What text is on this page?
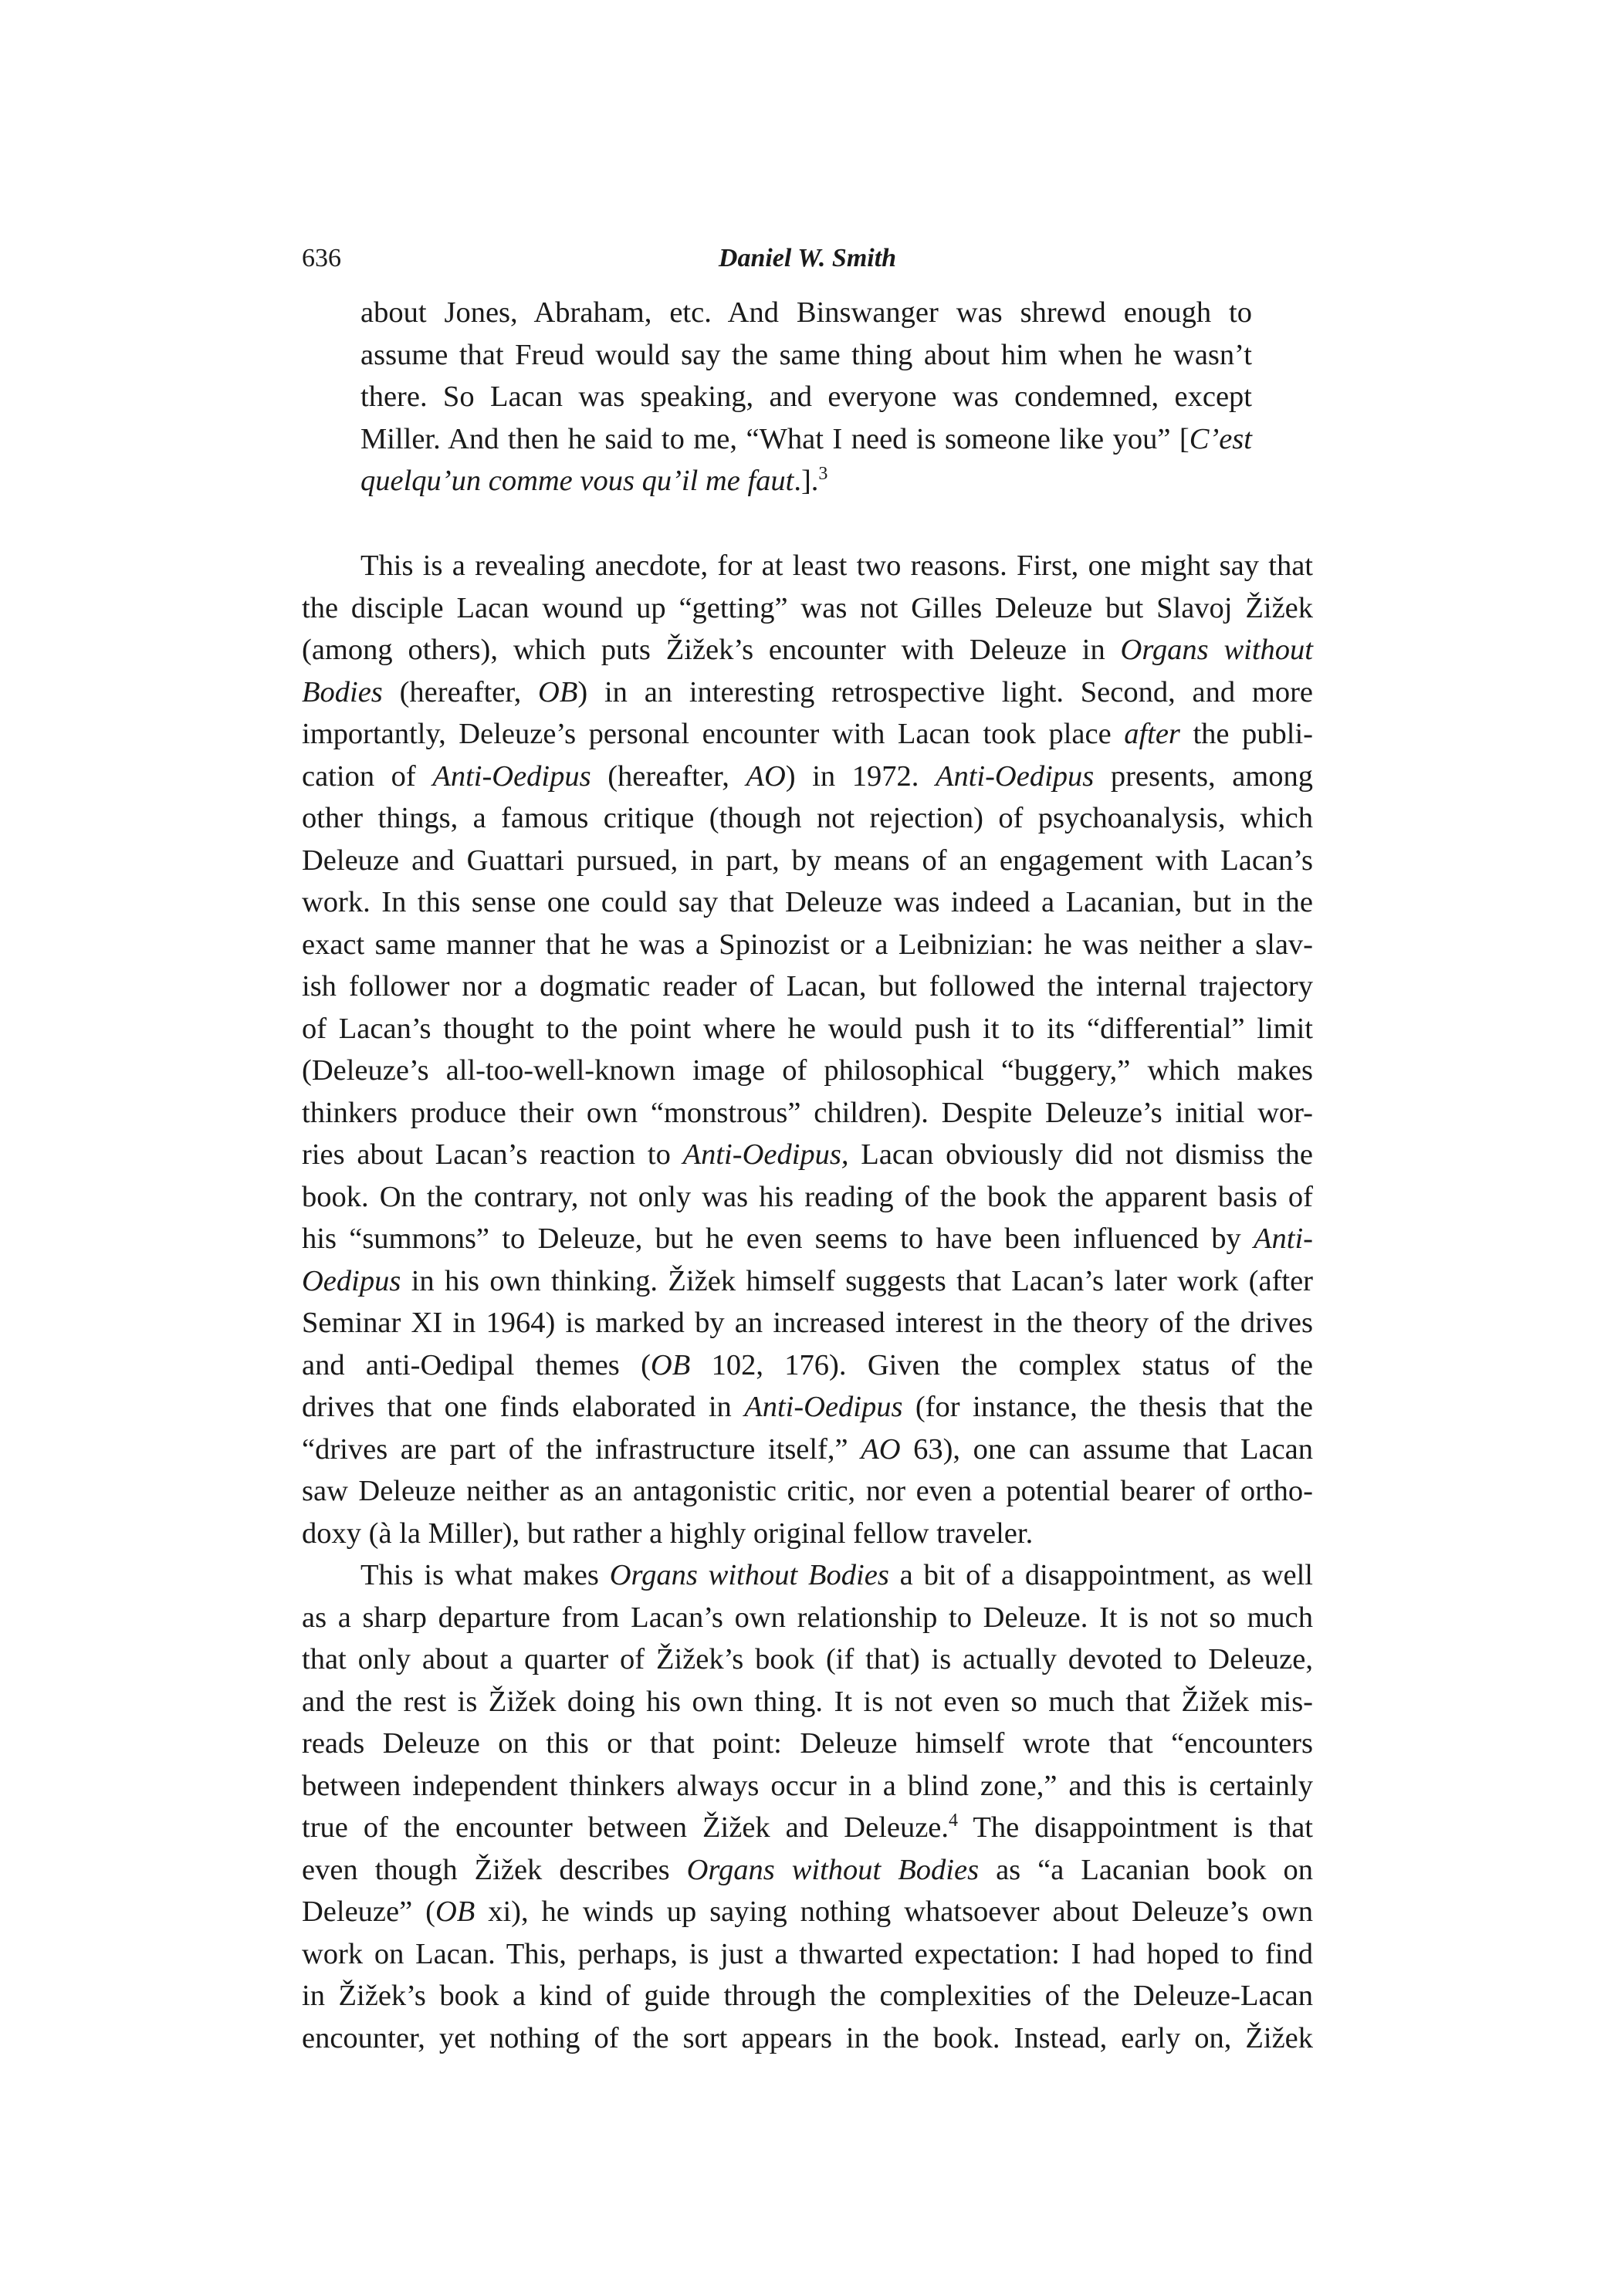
636	Daniel W. Smith
about Jones, Abraham, etc. And Binswanger was shrewd enough to
assume that Freud would say the same thing about him when he wasn’t
there. So Lacan was speaking, and everyone was condemned, except
Miller. And then he said to me, “What I need is someone like you” [C’est
quelqu’un comme vous qu’il me faut.].$^3$
This is a revealing anecdote, for at least two reasons. First, one might say that
the disciple Lacan wound up “getting” was not Gilles Deleuze but Slavoj Žižek
(among others), which puts Žižek’s encounter with Deleuze in Organs without
Bodies (hereafter, OB) in an interesting retrospective light. Second, and more
importantly, Deleuze’s personal encounter with Lacan took place after the publi-
cation of Anti-Oedipus (hereafter, AO) in 1972. Anti-Oedipus presents, among
other things, a famous critique (though not rejection) of psychoanalysis, which
Deleuze and Guattari pursued, in part, by means of an engagement with Lacan’s
work. In this sense one could say that Deleuze was indeed a Lacanian, but in the
exact same manner that he was a Spinozist or a Leibnizian: he was neither a slav-
ish follower nor a dogmatic reader of Lacan, but followed the internal trajectory
of Lacan’s thought to the point where he would push it to its “differential” limit
(Deleuze’s all-too-well-known image of philosophical “buggery,” which makes
thinkers produce their own “monstrous” children). Despite Deleuze’s initial wor-
ries about Lacan’s reaction to Anti-Oedipus, Lacan obviously did not dismiss the
book. On the contrary, not only was his reading of the book the apparent basis of
his “summons” to Deleuze, but he even seems to have been influenced by Anti-
Oedipus in his own thinking. Žižek himself suggests that Lacan’s later work (after
Seminar XI in 1964) is marked by an increased interest in the theory of the drives
and anti-Oedipal themes (OB 102, 176). Given the complex status of the
drives that one finds elaborated in Anti-Oedipus (for instance, the thesis that the
“drives are part of the infrastructure itself,” AO 63), one can assume that Lacan
saw Deleuze neither as an antagonistic critic, nor even a potential bearer of ortho-
doxy (à la Miller), but rather a highly original fellow traveler.
This is what makes Organs without Bodies a bit of a disappointment, as well
as a sharp departure from Lacan’s own relationship to Deleuze. It is not so much
that only about a quarter of Žižek’s book (if that) is actually devoted to Deleuze,
and the rest is Žižek doing his own thing. It is not even so much that Žižek mis-
reads Deleuze on this or that point: Deleuze himself wrote that “encounters
between independent thinkers always occur in a blind zone,” and this is certainly
true of the encounter between Žižek and Deleuze.$^4$ The disappointment is that
even though Žižek describes Organs without Bodies as “a Lacanian book on
Deleuze” (OB xi), he winds up saying nothing whatsoever about Deleuze’s own
work on Lacan. This, perhaps, is just a thwarted expectation: I had hoped to find
in Žižek’s book a kind of guide through the complexities of the Deleuze-Lacan
encounter, yet nothing of the sort appears in the book. Instead, early on, Žižek
